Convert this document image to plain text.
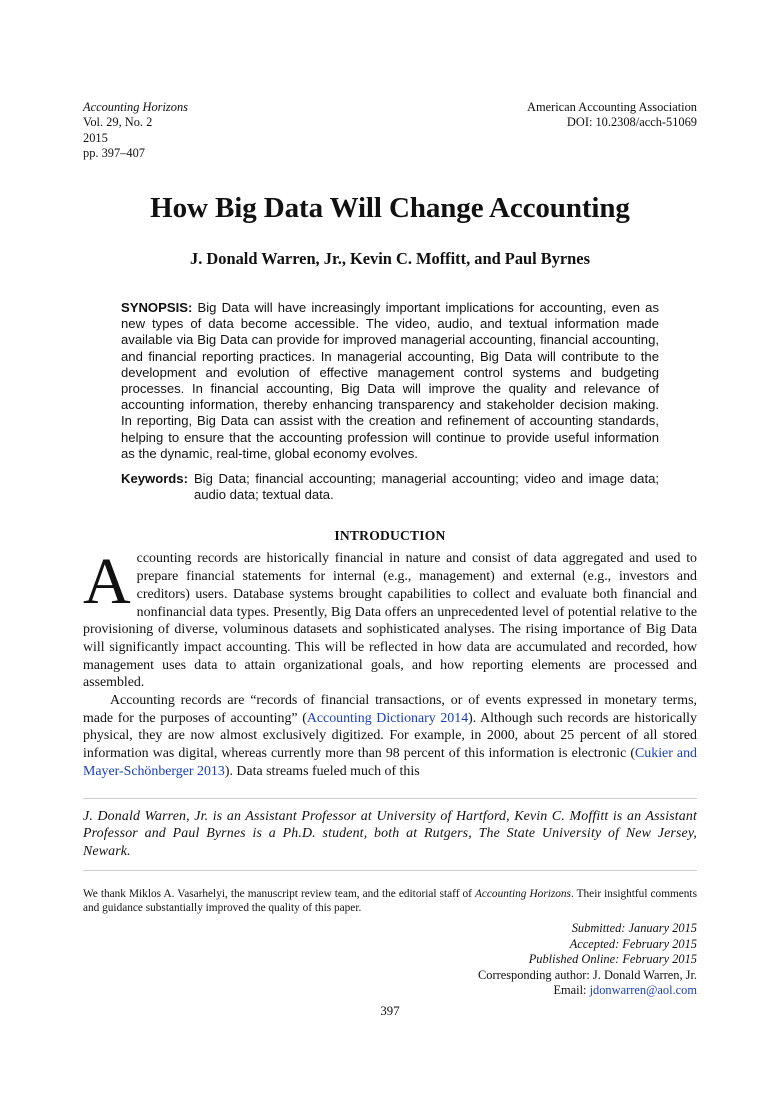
Accounting Horizons
Vol. 29, No. 2
2015
pp. 397–407
American Accounting Association
DOI: 10.2308/acch-51069
How Big Data Will Change Accounting
J. Donald Warren, Jr., Kevin C. Moffitt, and Paul Byrnes
SYNOPSIS: Big Data will have increasingly important implications for accounting, even as new types of data become accessible. The video, audio, and textual information made available via Big Data can provide for improved managerial accounting, financial accounting, and financial reporting practices. In managerial accounting, Big Data will contribute to the development and evolution of effective management control systems and budgeting processes. In financial accounting, Big Data will improve the quality and relevance of accounting information, thereby enhancing transparency and stakeholder decision making. In reporting, Big Data can assist with the creation and refinement of accounting standards, helping to ensure that the accounting profession will continue to provide useful information as the dynamic, real-time, global economy evolves.
Keywords: Big Data; financial accounting; managerial accounting; video and image data; audio data; textual data.
INTRODUCTION

Accounting records are historically financial in nature and consist of data aggregated and used to prepare financial statements for internal (e.g., management) and external (e.g., investors and creditors) users. Database systems brought capabilities to collect and evaluate both financial and nonfinancial data types. Presently, Big Data offers an unprecedented level of potential relative to the provisioning of diverse, voluminous datasets and sophisticated analyses. The rising importance of Big Data will significantly impact accounting. This will be reflected in how data are accumulated and recorded, how management uses data to attain organizational goals, and how reporting elements are processed and assembled.

Accounting records are “records of financial transactions, or of events expressed in monetary terms, made for the purposes of accounting” (Accounting Dictionary 2014). Although such records are historically physical, they are now almost exclusively digitized. For example, in 2000, about 25 percent of all stored information was digital, whereas currently more than 98 percent of this information is electronic (Cukier and Mayer-Schönberger 2013). Data streams fueled much of this

J. Donald Warren, Jr. is an Assistant Professor at University of Hartford, Kevin C. Moffitt is an Assistant Professor and Paul Byrnes is a Ph.D. student, both at Rutgers, The State University of New Jersey, Newark.
We thank Miklos A. Vasarhelyi, the manuscript review team, and the editorial staff of Accounting Horizons. Their insightful comments and guidance substantially improved the quality of this paper.
Submitted: January 2015
Accepted: February 2015
Published Online: February 2015
Corresponding author: J. Donald Warren, Jr.
Email: jdonwarren@aol.com
397
